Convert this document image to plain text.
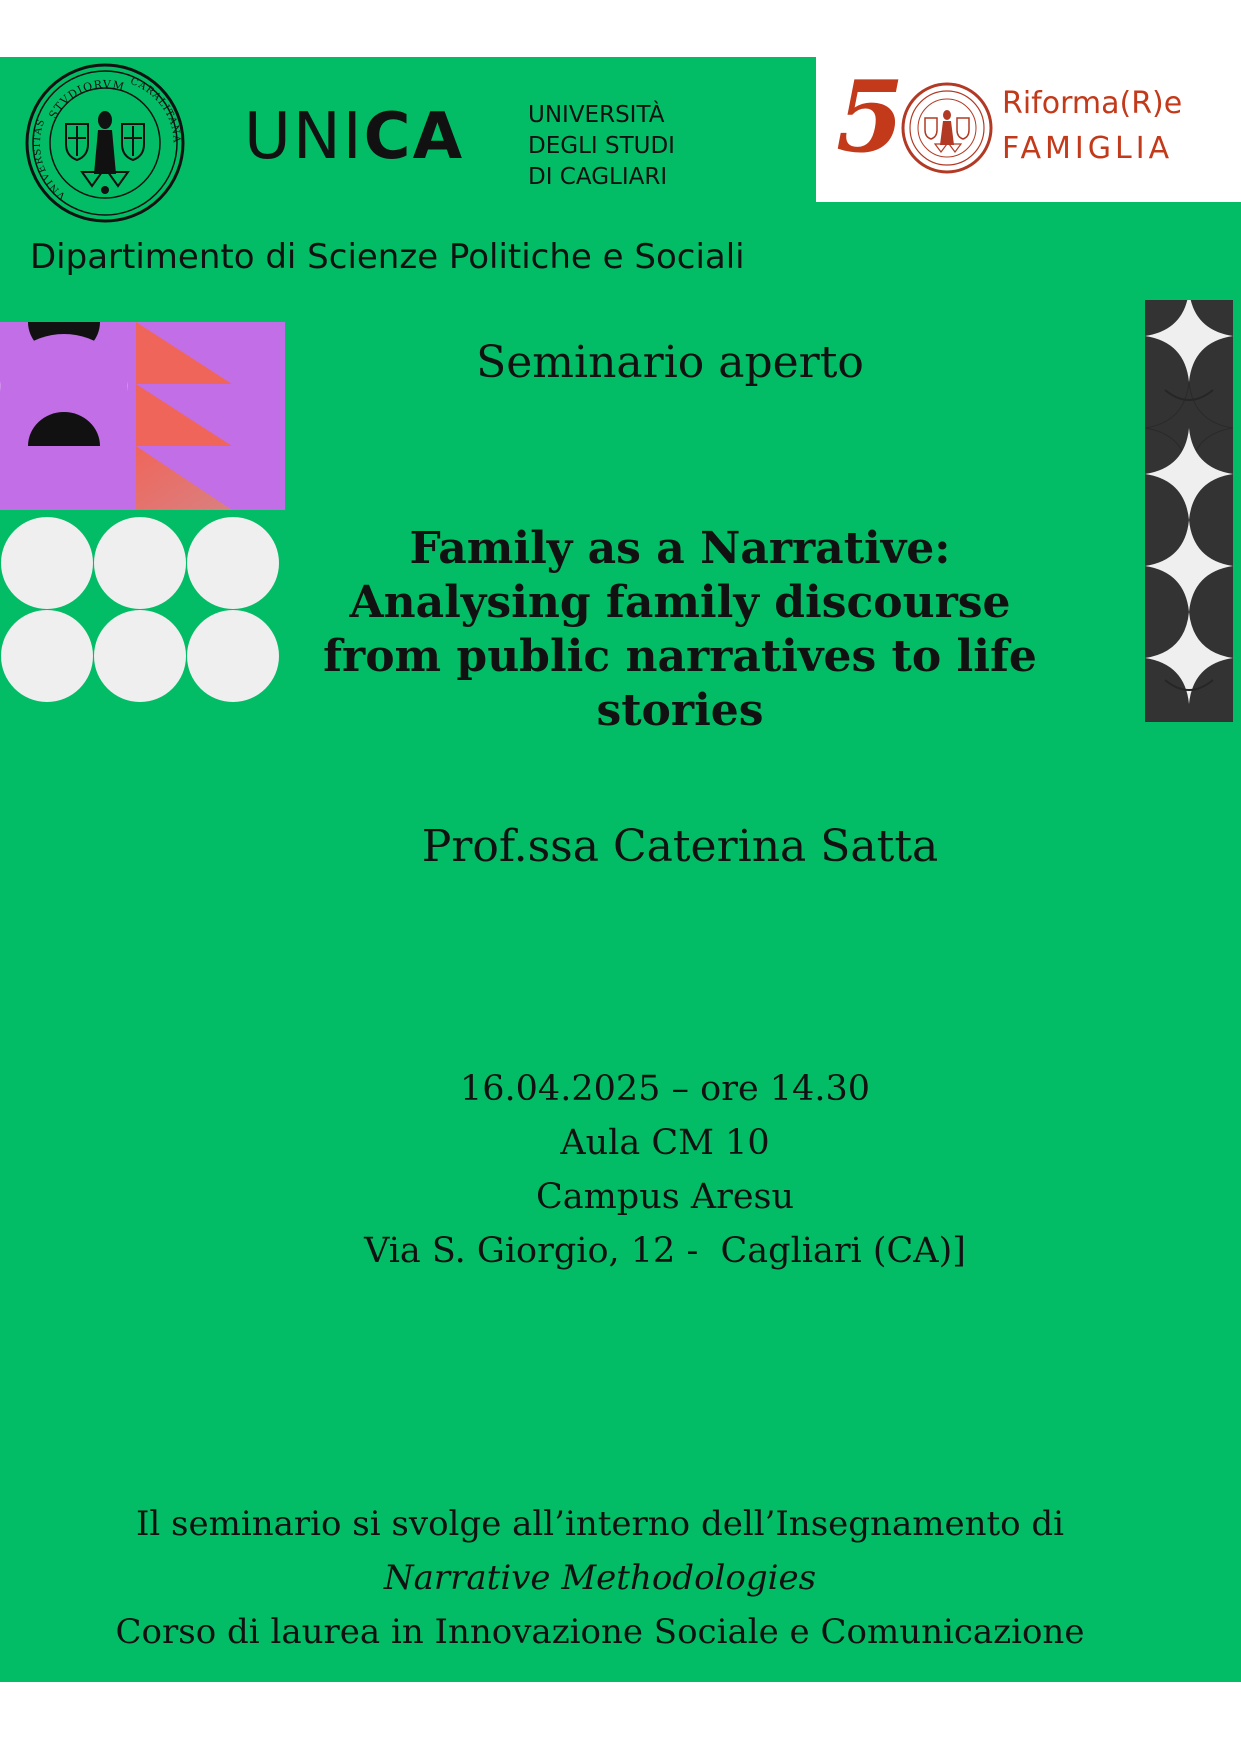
STVDIORVM CARALITANA
VNIVERSITAS	UNICA	UNIVERSITÀ
DEGLI STUDI
DI CAGLIARI
5	Riforma(R)e
FAMIGLIA
Dipartimento di Scienze Politiche e Sociali
Seminario aperto
Family as a Narrative:
Analysing family discourse
from public narratives to life
stories
Prof.ssa Caterina Satta
16.04.2025 – ore 14.30
Aula CM 10
Campus Aresu
Via S. Giorgio, 12 -  Cagliari (CA)]
Il seminario si svolge all’interno dell’Insegnamento di
Narrative Methodologies
Corso di laurea in Innovazione Sociale e Comunicazione
